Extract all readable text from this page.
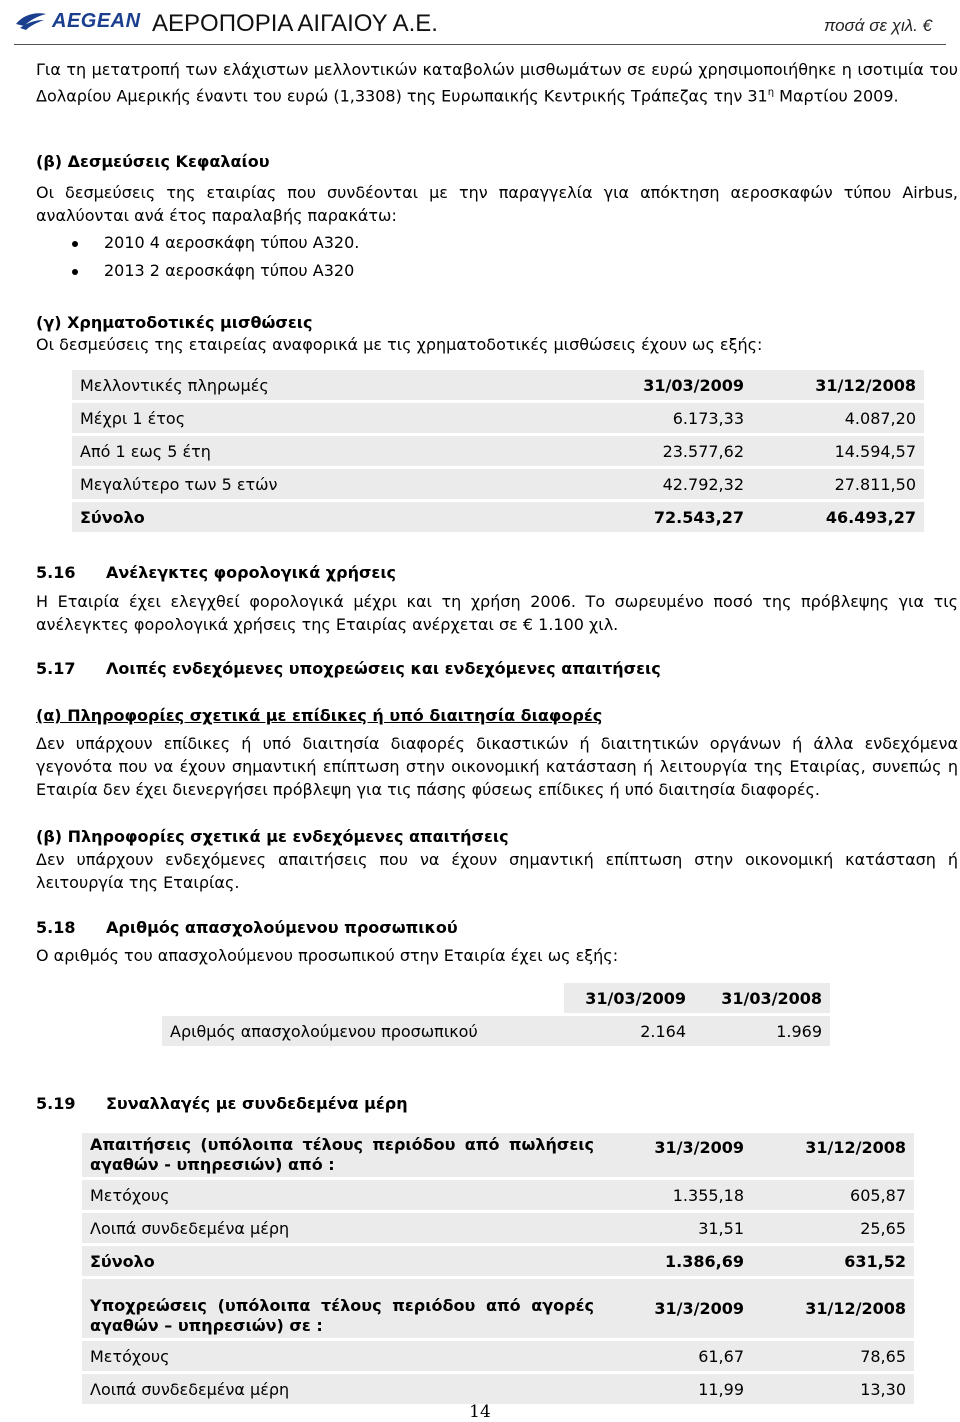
AEGEAN ΑΕΡΟΠΟΡΙΑ ΑΙΓΑΙΟΥ Α.Ε.	ποσά σε χιλ. €

Για τη μετατροπή των ελάχιστων μελλοντικών καταβολών μισθωμάτων σε ευρώ χρησιμοποιήθηκε η ισοτιμία του Δολαρίου Αμερικής έναντι του ευρώ (1,3308) της Ευρωπαικής Κεντρικής Τράπεζας την $31^\eta$ Μαρτίου 2009.

(β) Δεσμεύσεις Κεφαλαίου

Οι δεσμεύσεις της εταιρίας που συνδέονται με την παραγγελία για απόκτηση αεροσκαφών τύπου Airbus, αναλύονται ανά έτος παραλαβής παρακάτω:

2010 4 αεροσκάφη τύπου Α320.
2013 2 αεροσκάφη τύπου Α320

(γ) Χρηματοδοτικές μισθώσεις

Οι δεσμεύσεις της εταιρείας αναφορικά με τις χρηματοδοτικές μισθώσεις έχουν ως εξής:

Μελλοντικές πληρωμές	31/03/2009	31/12/2008

Μέχρι 1 έτος	6.173,33	4.087,20

Από 1 εως 5 έτη	23.577,62	14.594,57

Μεγαλύτερο των 5 ετών	42.792,32	27.811,50

Σύνολο	72.543,27	46.493,27

5.16 Ανέλεγκτες φορολογικά χρήσεις

Η Εταιρία έχει ελεγχθεί φορολογικά μέχρι και τη χρήση 2006. Το σωρευμένο ποσό της πρόβλεψης για τις ανέλεγκτες φορολογικά χρήσεις της Εταιρίας ανέρχεται σε € 1.100 χιλ.

5.17 Λοιπές ενδεχόμενες υποχρεώσεις και ενδεχόμενες απαιτήσεις

(α) Πληροφορίες σχετικά με επίδικες ή υπό διαιτησία διαφορές

Δεν υπάρχουν επίδικες ή υπό διαιτησία διαφορές δικαστικών ή διαιτητικών οργάνων ή άλλα ενδεχόμενα γεγονότα που να έχουν σημαντική επίπτωση στην οικονομική κατάσταση ή λειτουργία της Εταιρίας, συνεπώς η Εταιρία δεν έχει διενεργήσει πρόβλεψη για τις πάσης φύσεως επίδικες ή υπό διαιτησία διαφορές.

(β) Πληροφορίες σχετικά με ενδεχόμενες απαιτήσεις

Δεν υπάρχουν ενδεχόμενες απαιτήσεις που να έχουν σημαντική επίπτωση στην οικονομική κατάσταση ή λειτουργία της Εταιρίας.

5.18 Αριθμός απασχολούμενου προσωπικού

Ο αριθμός του απασχολούμενου προσωπικού στην Εταιρία έχει ως εξής:

	31/03/2009	31/03/2008

Αριθμός απασχολούμενου προσωπικού	2.164	1.969

5.19 Συναλλαγές με συνδεδεμένα μέρη

Απαιτήσεις (υπόλοιπα τέλους περιόδου από πωλήσεις αγαθών - υπηρεσιών) από :	31/3/2009	31/12/2008

Μετόχους	1.355,18	605,87

Λοιπά συνδεδεμένα μέρη	31,51	25,65

Σύνολο	1.386,69	631,52

Υποχρεώσεις (υπόλοιπα τέλους περιόδου από αγορές αγαθών – υπηρεσιών) σε :	31/3/2009	31/12/2008

Μετόχους	61,67	78,65

Λοιπά συνδεδεμένα μέρη	11,99	13,30
14
